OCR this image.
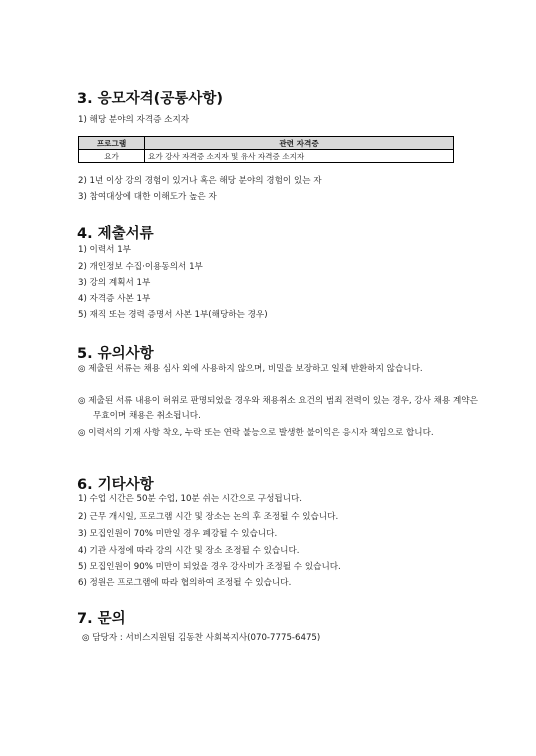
3. 응모자격(공통사항)
1) 해당 분야의 자격증 소지자
프로그램	관련 자격증
요가	요가 강사 자격증 소지자 및 유사 자격증 소지자
2) 1년 이상 강의 경험이 있거나 혹은 해당 분야의 경험이 있는 자
3) 참여대상에 대한 이해도가 높은 자
4. 제출서류
1) 이력서 1부
2) 개인정보 수집·이용동의서 1부
3) 강의 계획서 1부
4) 자격증 사본 1부
5) 재직 또는 경력 증명서 사본 1부(해당하는 경우)
5. 유의사항
◎ 제출된 서류는 채용 심사 외에 사용하지 않으며, 비밀을 보장하고 일체 반환하지 않습니다.
◎ 제출된 서류 내용이 허위로 판명되었을 경우와 채용취소 요건의 범죄 전력이 있는 경우, 강사 채용 계약은 무효이며 채용은 취소됩니다.
◎ 이력서의 기재 사항 착오, 누락 또는 연락 불능으로 발생한 불이익은 응시자 책임으로 합니다.
6. 기타사항
1) 수업 시간은 50분 수업, 10분 쉬는 시간으로 구성됩니다.
2) 근무 개시일, 프로그램 시간 및 장소는 논의 후 조정될 수 있습니다.
3) 모집인원이 70% 미만일 경우 폐강될 수 있습니다.
4) 기관 사정에 따라 강의 시간 및 장소 조정될 수 있습니다.
5) 모집인원이 90% 미만이 되었을 경우 강사비가 조정될 수 있습니다.
6) 정원은 프로그램에 따라 협의하여 조정될 수 있습니다.
7. 문의
◎ 담당자 : 서비스지원팀 김동찬 사회복지사(070-7775-6475)
